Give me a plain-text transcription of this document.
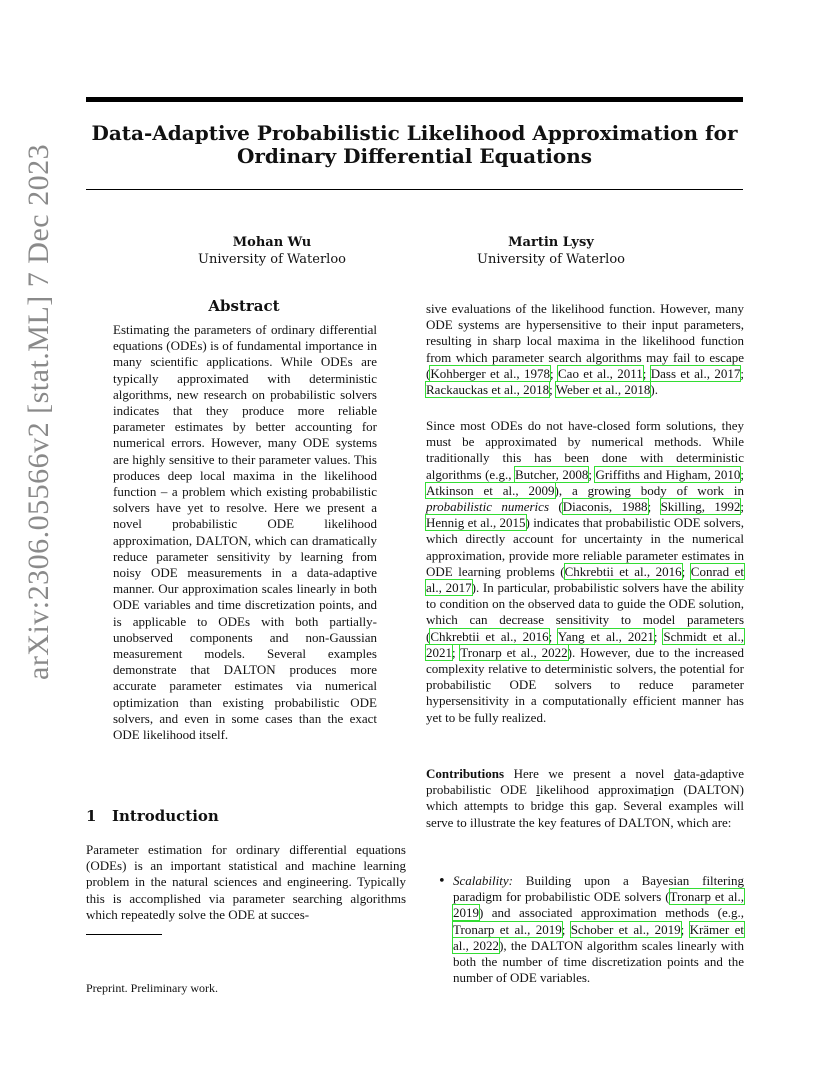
Data-Adaptive Probabilistic Likelihood Approximation for Ordinary Differential Equations
Mohan Wu
University of Waterloo
Martin Lysy
University of Waterloo
arXiv:2306.05566v2 [stat.ML] 7 Dec 2023	Abstract
Estimating the parameters of ordinary differential equations (ODEs) is of fundamental importance in many scientific applications. While ODEs are typically approximated with deterministic algorithms, new research on probabilistic solvers indicates that they produce more reliable parameter estimates by better accounting for numerical errors. However, many ODE systems are highly sensitive to their parameter values. This produces deep local maxima in the likelihood function – a problem which existing probabilistic solvers have yet to resolve. Here we present a novel probabilistic ODE likelihood approximation, DALTON, which can dramatically reduce parameter sensitivity by learning from noisy ODE measurements in a data-adaptive manner. Our approximation scales linearly in both ODE variables and time discretization points, and is applicable to ODEs with both partially-unobserved components and non-Gaussian measurement models. Several examples demonstrate that DALTON produces more accurate parameter estimates via numerical optimization than existing probabilistic ODE solvers, and even in some cases than the exact ODE likelihood itself.
1 Introduction
Parameter estimation for ordinary differential equations (ODEs) is an important statistical and machine learning problem in the natural sciences and engineering. Typically this is accomplished via parameter searching algorithms which repeatedly solve the ODE at succes-
Preprint. Preliminary work.
sive evaluations of the likelihood function. However, many ODE systems are hypersensitive to their input parameters, resulting in sharp local maxima in the likelihood function from which parameter search algorithms may fail to escape (Kohberger et al., 1978; Cao et al., 2011; Dass et al., 2017; Rackauckas et al., 2018; Weber et al., 2018).
Since most ODEs do not have-closed form solutions, they must be approximated by numerical methods. While traditionally this has been done with deterministic algorithms (e.g., Butcher, 2008; Griffiths and Higham, 2010; Atkinson et al., 2009), a growing body of work in probabilistic numerics (Diaconis, 1988; Skilling, 1992; Hennig et al., 2015) indicates that probabilistic ODE solvers, which directly account for uncertainty in the numerical approximation, provide more reliable parameter estimates in ODE learning problems (Chkrebtii et al., 2016; Conrad et al., 2017). In particular, probabilistic solvers have the ability to condition on the observed data to guide the ODE solution, which can decrease sensitivity to model parameters (Chkrebtii et al., 2016; Yang et al., 2021; Schmidt et al., 2021; Tronarp et al., 2022). However, due to the increased complexity relative to deterministic solvers, the potential for probabilistic ODE solvers to reduce parameter hypersensitivity in a computationally efficient manner has yet to be fully realized.
Contributions Here we present a novel data-adaptive probabilistic ODE likelihood approximation (DALTON) which attempts to bridge this gap. Several examples will serve to illustrate the key features of DALTON, which are:
• Scalability: Building upon a Bayesian filtering paradigm for probabilistic ODE solvers (Tronarp et al., 2019) and associated approximation methods (e.g., Tronarp et al., 2019; Schober et al., 2019; Krämer et al., 2022), the DALTON algorithm scales linearly with both the number of time discretization points and the number of ODE variables.
